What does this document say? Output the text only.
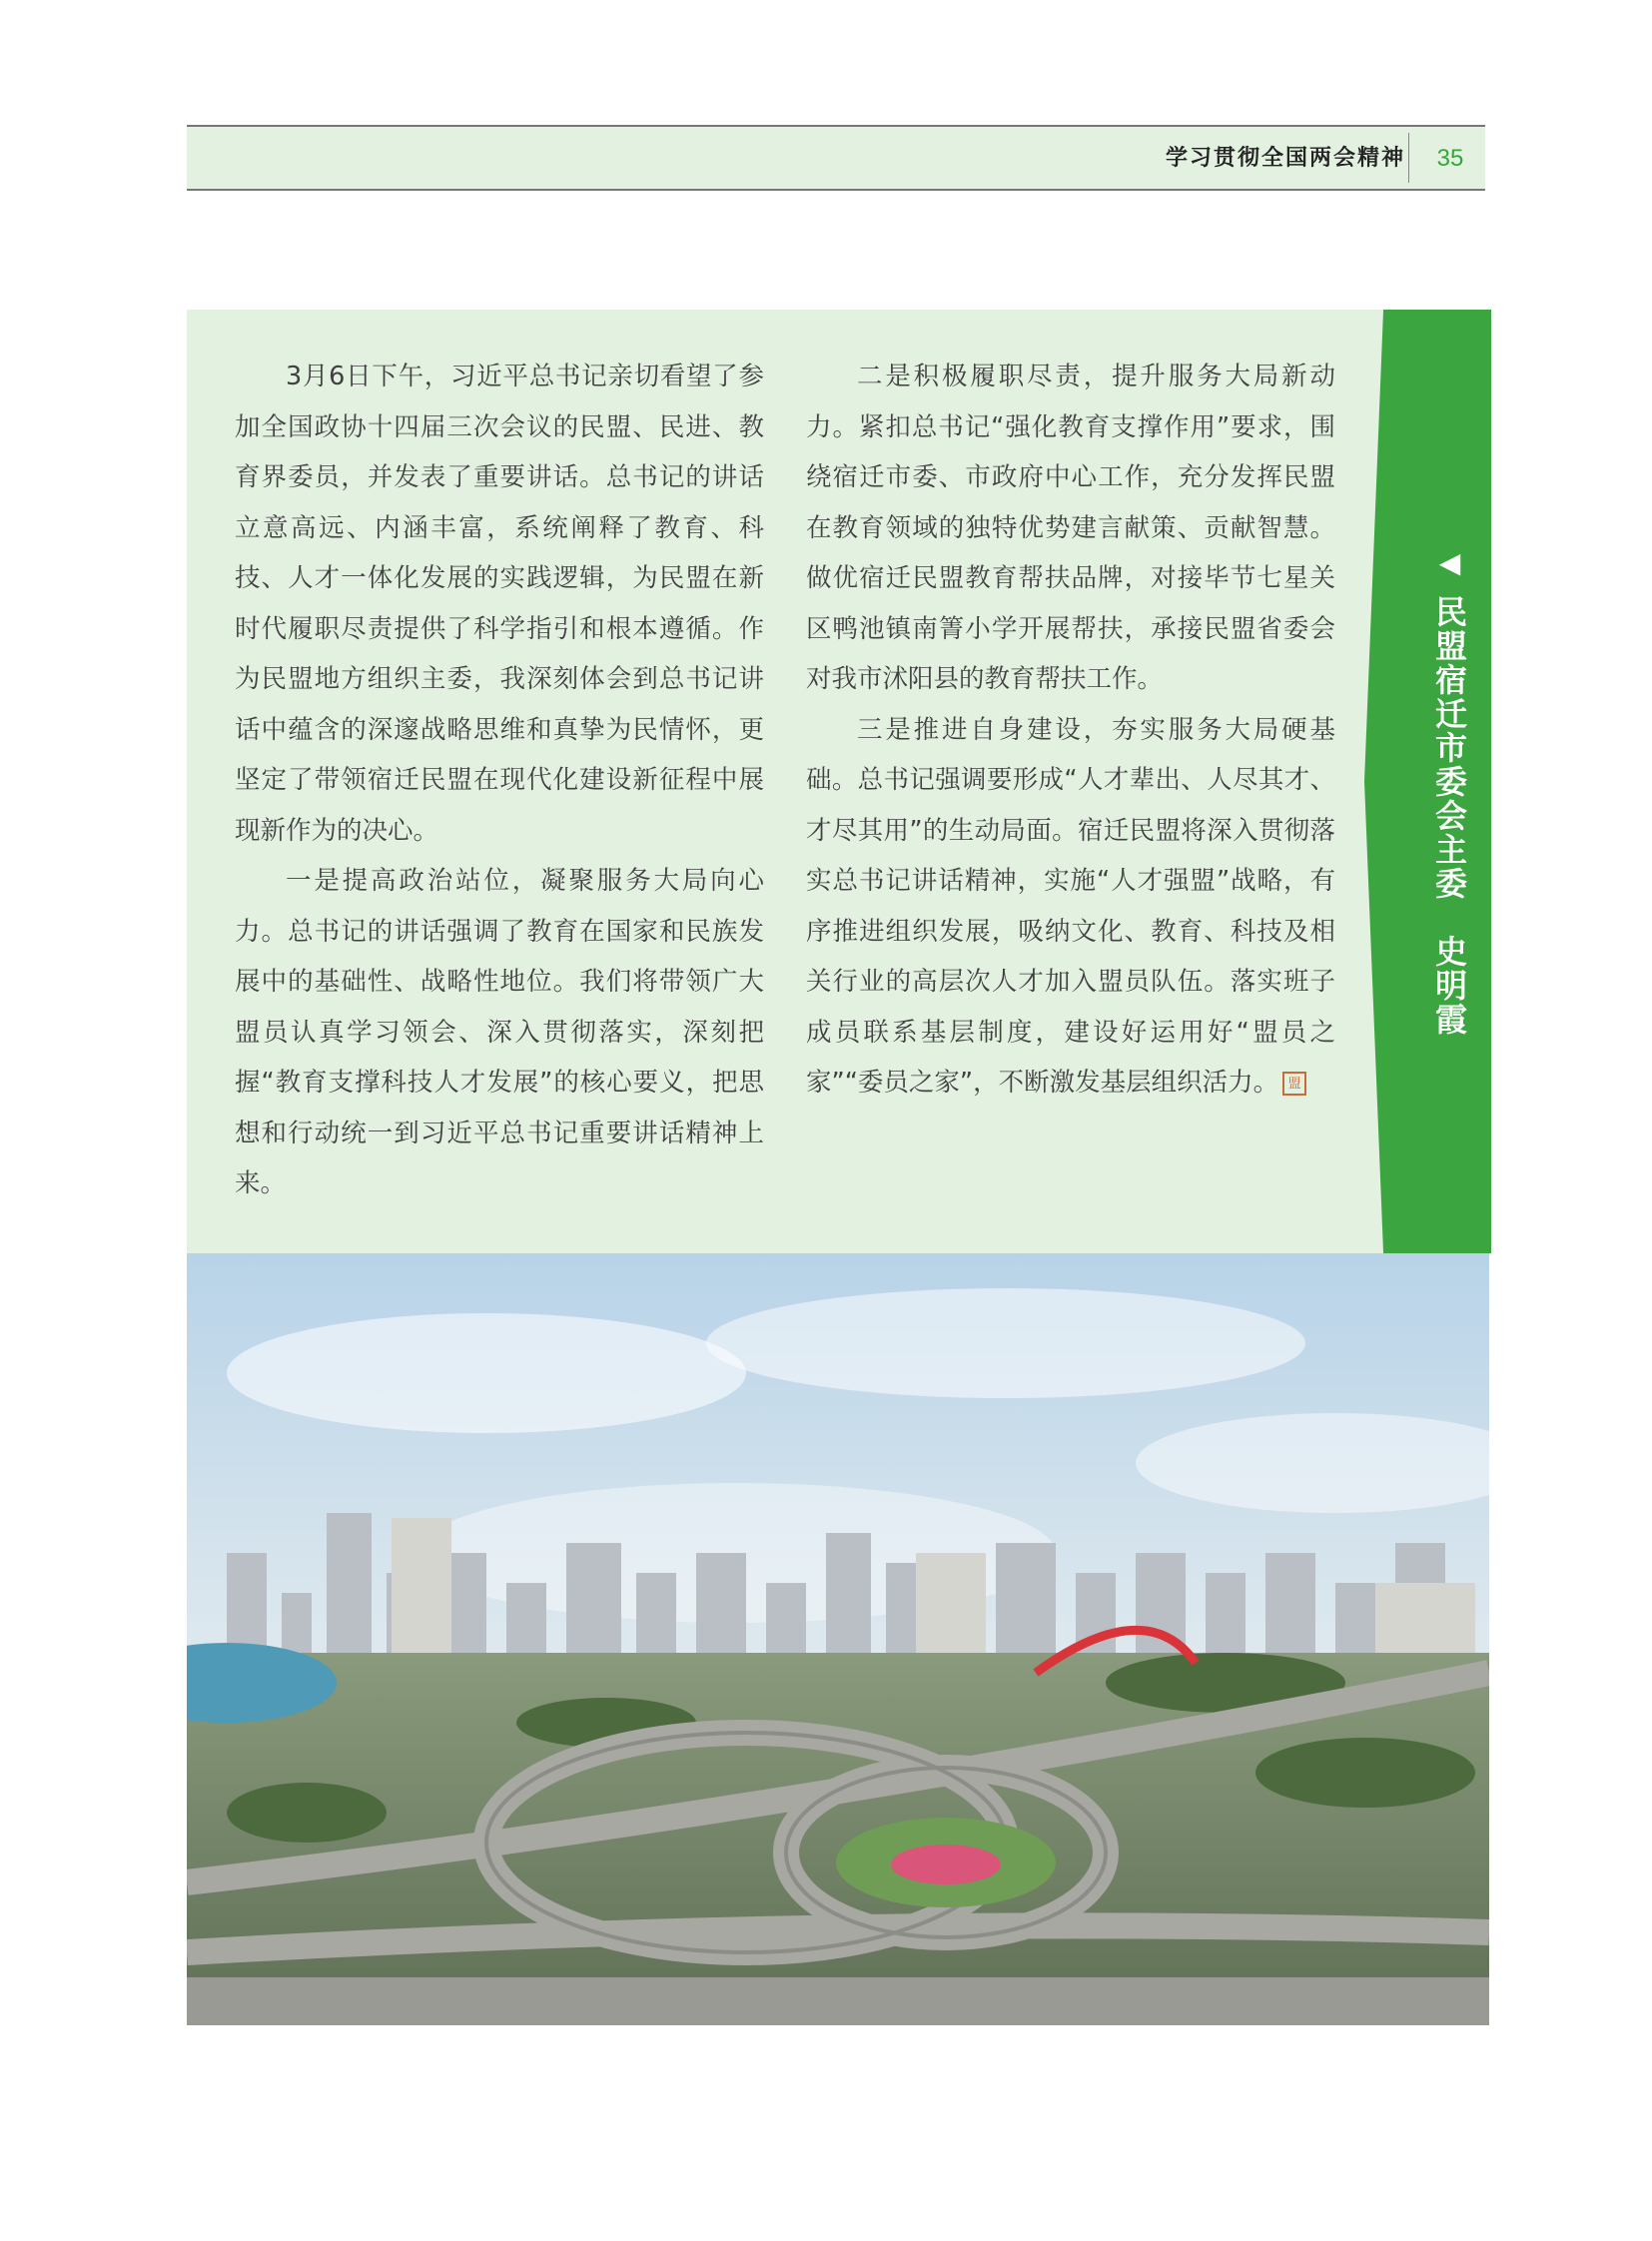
学习贯彻全国两会精神	35

3月6日下午，习近平总书记亲切看望了参加全国政协十四届三次会议的民盟、民进、教育界委员，并发表了重要讲话。总书记的讲话立意高远、内涵丰富，系统阐释了教育、科技、人才一体化发展的实践逻辑，为民盟在新时代履职尽责提供了科学指引和根本遵循。作为民盟地方组织主委，我深刻体会到总书记讲话中蕴含的深邃战略思维和真挚为民情怀，更坚定了带领宿迁民盟在现代化建设新征程中展现新作为的决心。

一是提高政治站位，凝聚服务大局向心力。总书记的讲话强调了教育在国家和民族发展中的基础性、战略性地位。我们将带领广大盟员认真学习领会、深入贯彻落实，深刻把握“教育支撑科技人才发展”的核心要义，把思想和行动统一到习近平总书记重要讲话精神上来。

二是积极履职尽责，提升服务大局新动力。紧扣总书记“强化教育支撑作用”要求，围绕宿迁市委、市政府中心工作，充分发挥民盟在教育领域的独特优势建言献策、贡献智慧。做优宿迁民盟教育帮扶品牌，对接毕节七星关区鸭池镇南箐小学开展帮扶，承接民盟省委会对我市沭阳县的教育帮扶工作。

三是推进自身建设，夯实服务大局硬基础。总书记强调要形成“人才辈出、人尽其才、才尽其用”的生动局面。宿迁民盟将深入贯彻落实总书记讲话精神，实施“人才强盟”战略，有序推进组织发展，吸纳文化、教育、科技及相关行业的高层次人才加入盟员队伍。落实班子成员联系基层制度，建设好运用好“盟员之家”“委员之家”，不断激发基层组织活力。 盟

◀民盟宿迁市委会主委　史明霞
